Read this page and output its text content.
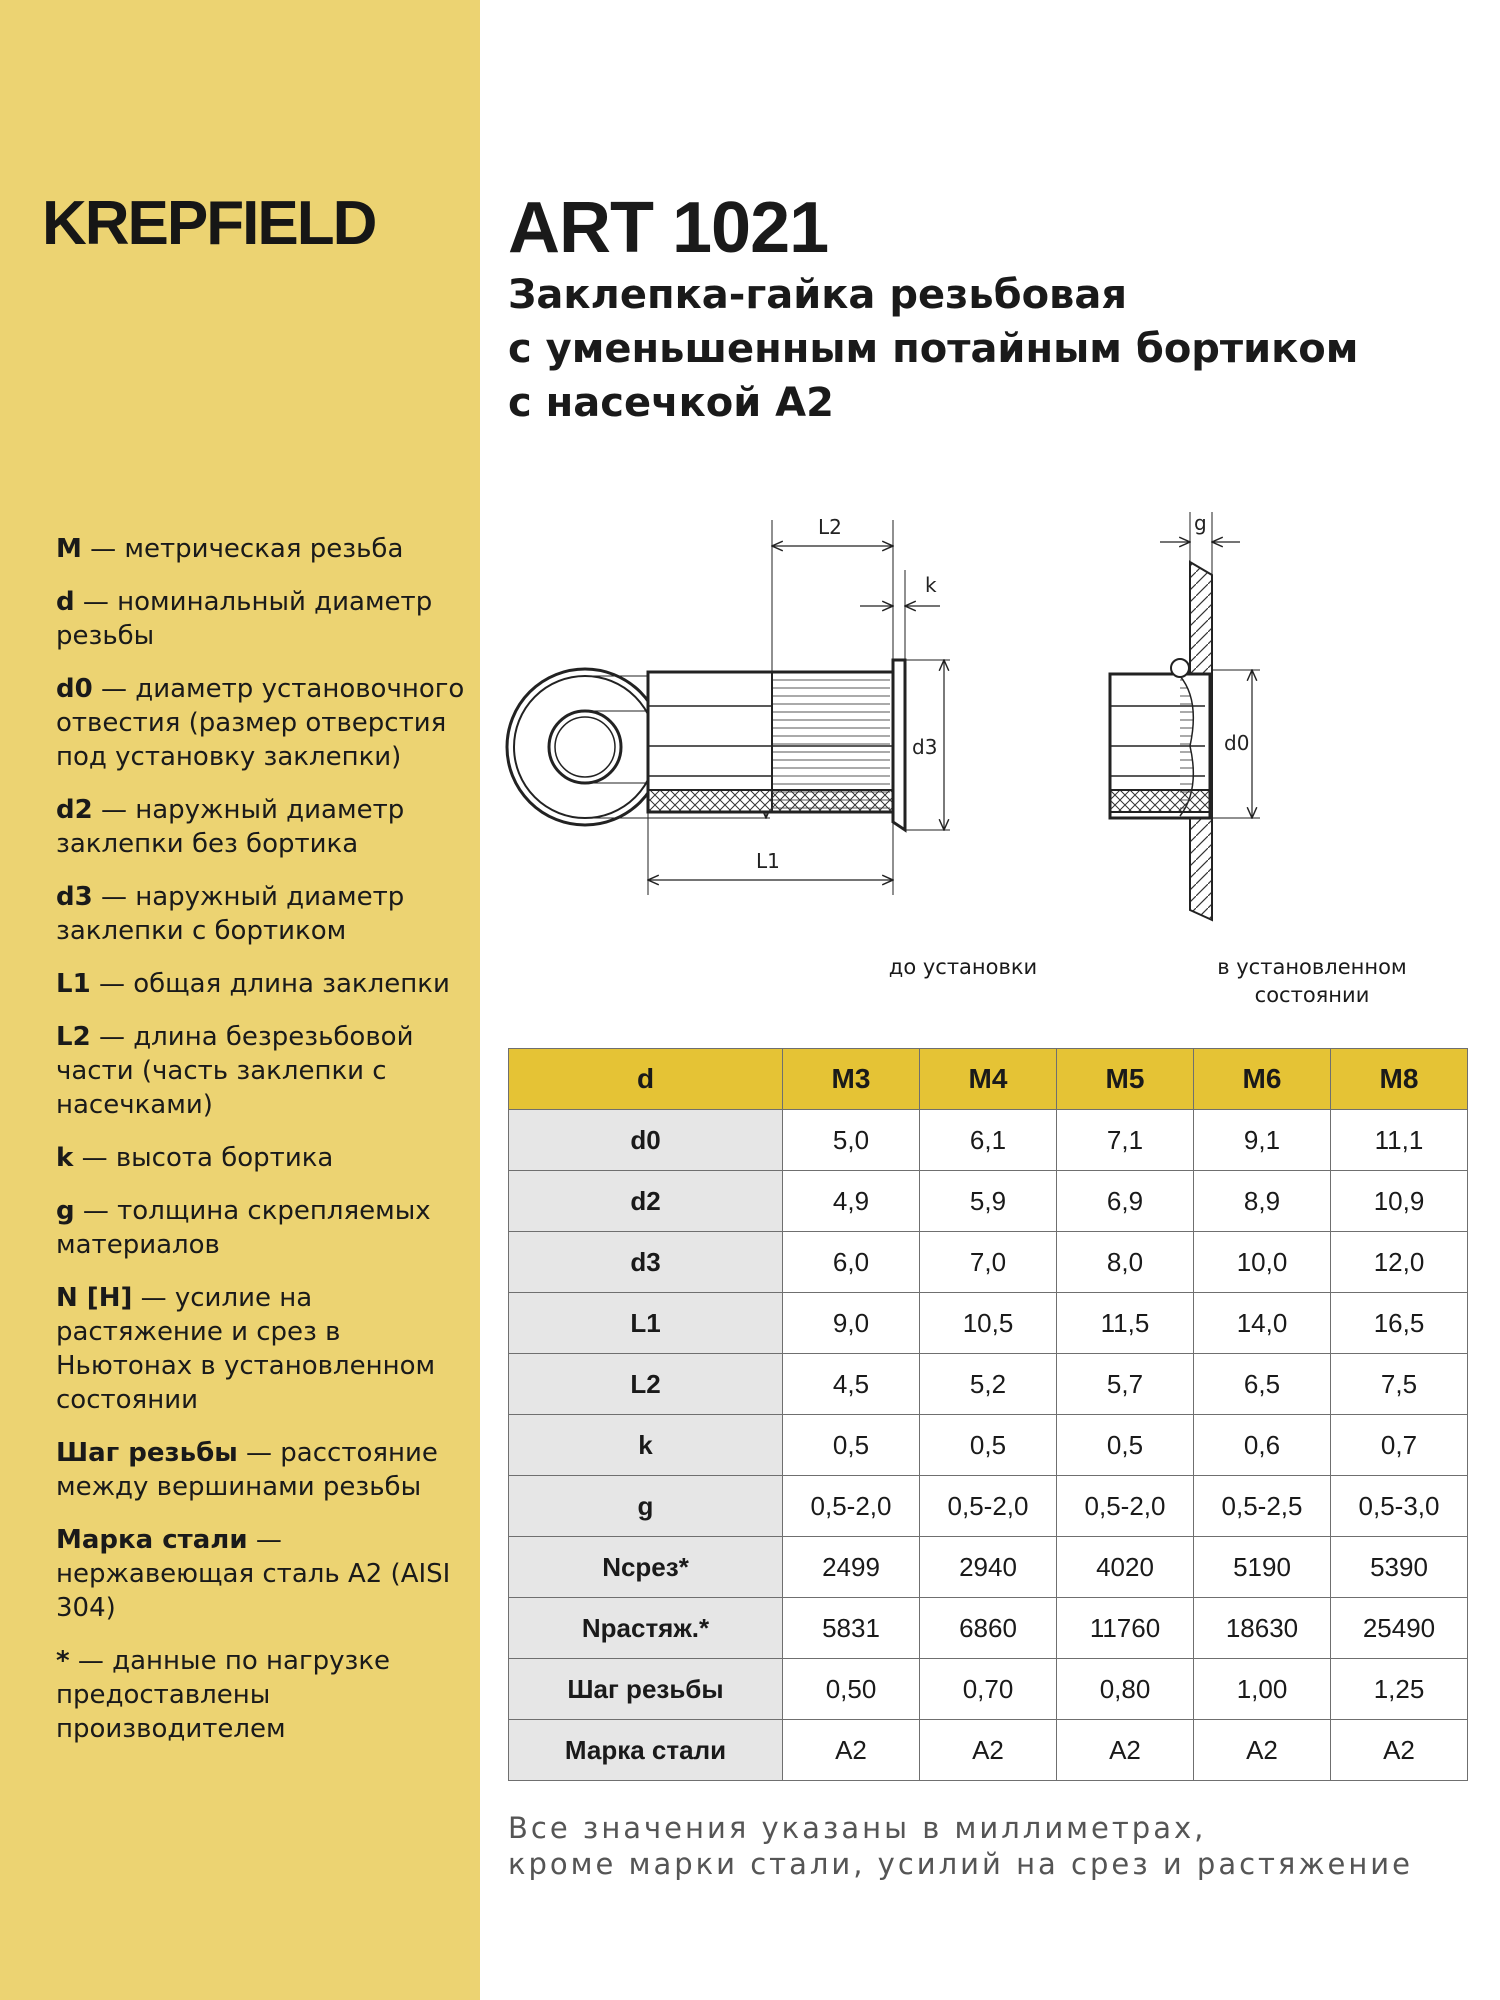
KREPFIELD
M — метрическая резьба
d — номинальный диаметр резьбы
d0 — диаметр установочного отвестия (размер отверстия под установку заклепки)
d2 — наружный диаметр заклепки без бортика
d3 — наружный диаметр заклепки с бортиком
L1 — общая длина заклепки
L2 — длина безрезьбовой части (часть заклепки с насечками)
k — высота бортика
g — толщина скрепляемых материалов
N [H] — усилие на растяжение и срез в Ньютонах в установленном состоянии
Шаг резьбы — расстояние между вершинами резьбы
Марка стали — нержавеющая сталь А2 (AISI 304)
* — данные по нагрузке предоставлены производителем
ART 1021
Заклепка-гайка резьбовая
с уменьшенным потайным бортиком
с насечкой А2
L2
k
d3
L1
g
d0
до установки	в установленном состоянии
d	М3	М4	М5	М6	М8
d0	5,0	6,1	7,1	9,1	11,1
d2	4,9	5,9	6,9	8,9	10,9
d3	6,0	7,0	8,0	10,0	12,0
L1	9,0	10,5	11,5	14,0	16,5
L2	4,5	5,2	5,7	6,5	7,5
k	0,5	0,5	0,5	0,6	0,7
g	0,5-2,0	0,5-2,0	0,5-2,0	0,5-2,5	0,5-3,0
Nсрез*	2499	2940	4020	5190	5390
Nрастяж.*	5831	6860	11760	18630	25490
Шаг резьбы	0,50	0,70	0,80	1,00	1,25
Марка стали	А2	А2	А2	А2	А2
Все значения указаны в миллиметрах,
кроме марки стали, усилий на срез и растяжение
